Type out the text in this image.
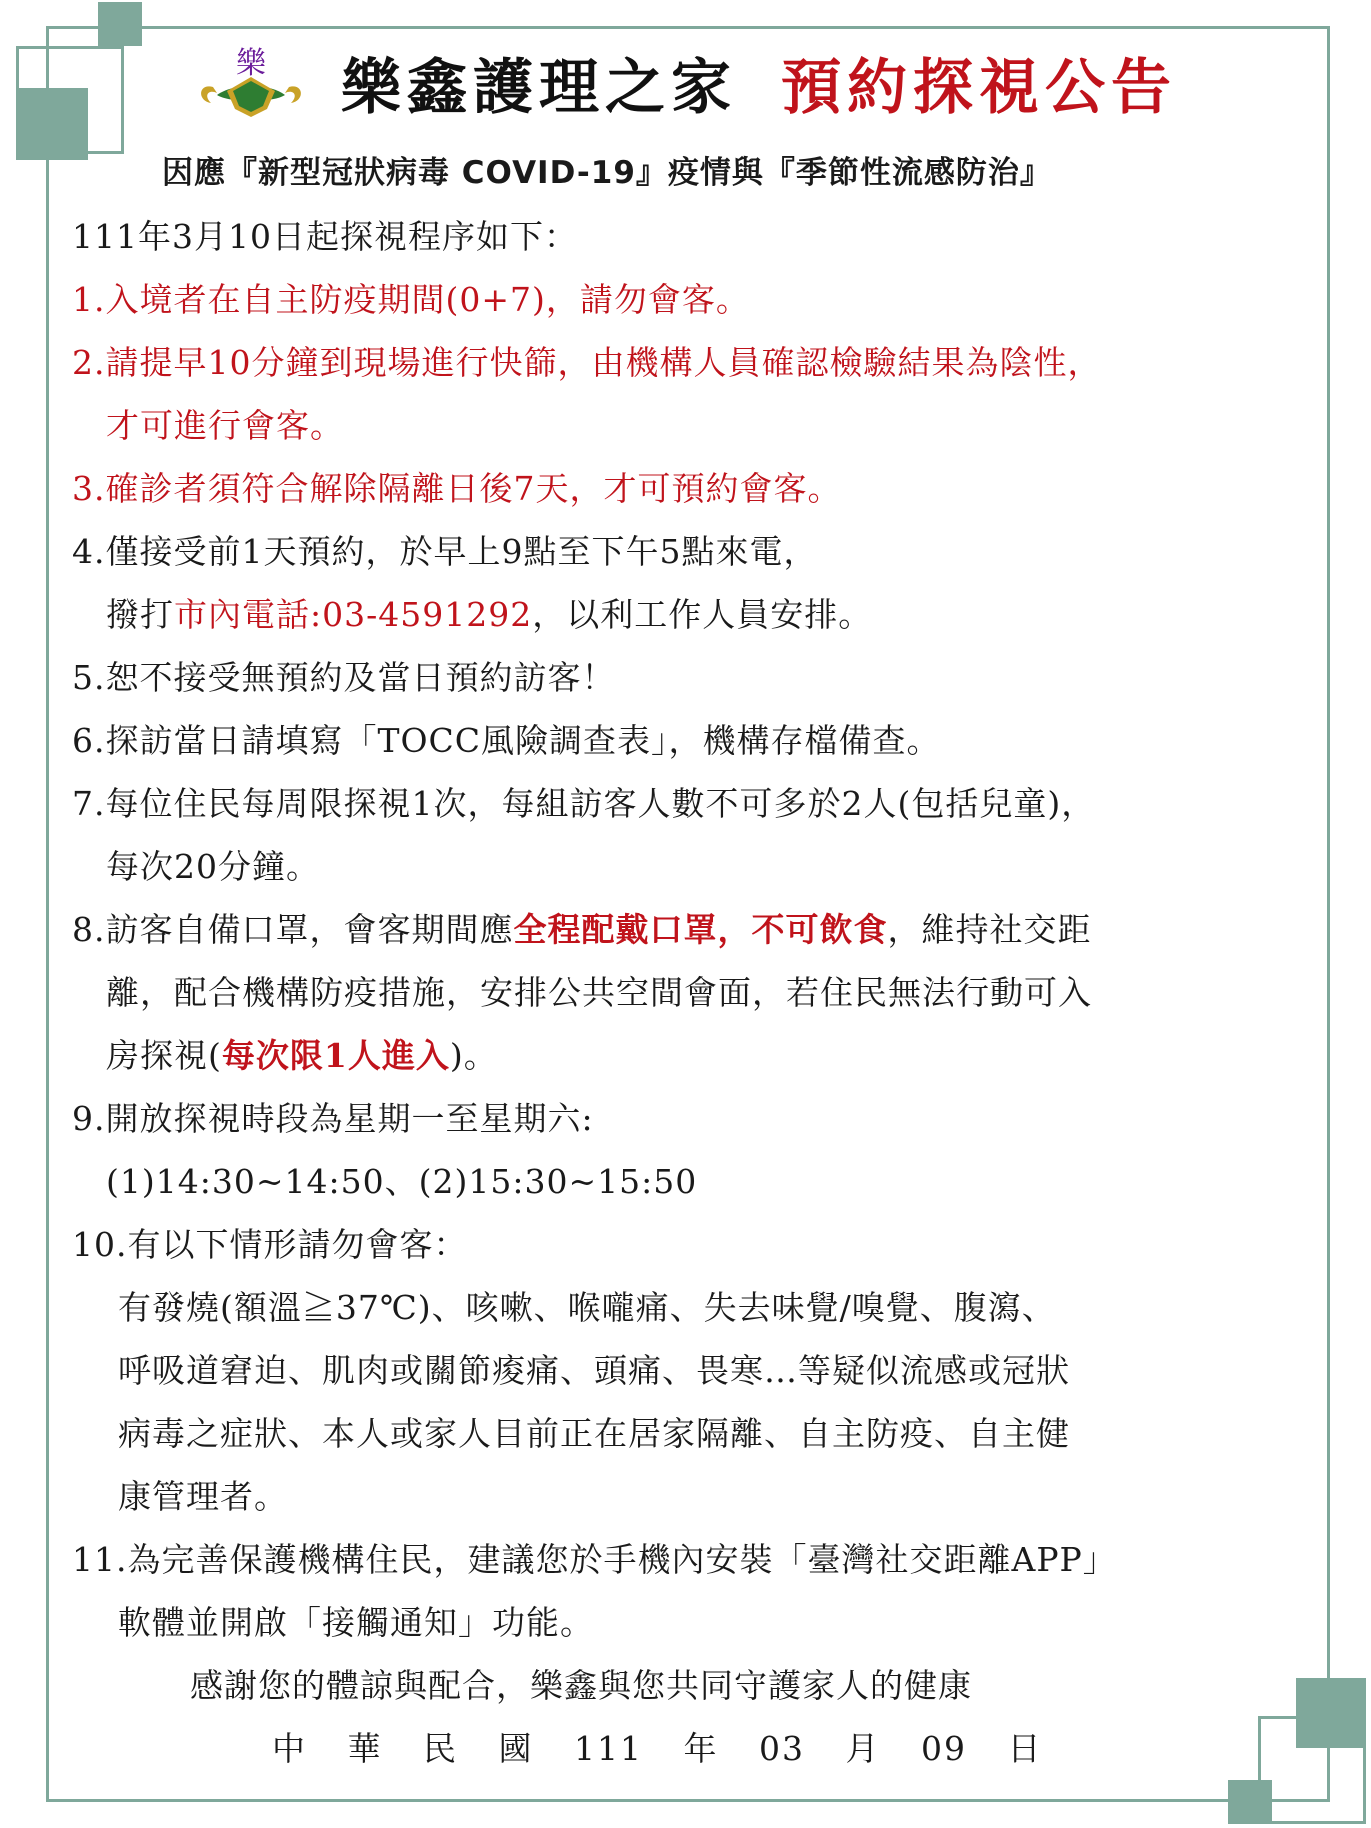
樂 樂鑫護理之家 預約探視公告
因應『新型冠狀病毒 COVID-19』疫情與『季節性流感防治』
111年3月10日起探視程序如下：
1.入境者在自主防疫期間(0+7)，請勿會客。
2.請提早10分鐘到現場進行快篩，由機構人員確認檢驗結果為陰性，
才可進行會客。
3.確診者須符合解除隔離日後7天，才可預約會客。
4.僅接受前1天預約，於早上9點至下午5點來電，
撥打市內電話:03-4591292，以利工作人員安排。
5.恕不接受無預約及當日預約訪客！
6.探訪當日請填寫「TOCC風險調查表」，機構存檔備查。
7.每位住民每周限探視1次，每組訪客人數不可多於2人(包括兒童)，
每次20分鐘。
8.訪客自備口罩，會客期間應全程配戴口罩，不可飲食，維持社交距
離，配合機構防疫措施，安排公共空間會面，若住民無法行動可入
房探視(每次限1人進入)。
9.開放探視時段為星期一至星期六:
(1)14:30~14:50、(2)15:30~15:50
10.有以下情形請勿會客：
有發燒(額溫≧37℃)、咳嗽、喉嚨痛、失去味覺/嗅覺、腹瀉、
呼吸道窘迫、肌肉或關節痠痛、頭痛、畏寒…等疑似流感或冠狀
病毒之症狀、本人或家人目前正在居家隔離、自主防疫、自主健
康管理者。
11.為完善保護機構住民，建議您於手機內安裝「臺灣社交距離APP」
軟體並開啟「接觸通知」功能。
感謝您的體諒與配合，樂鑫與您共同守護家人的健康
中 華 民 國 111 年 03 月 09 日
